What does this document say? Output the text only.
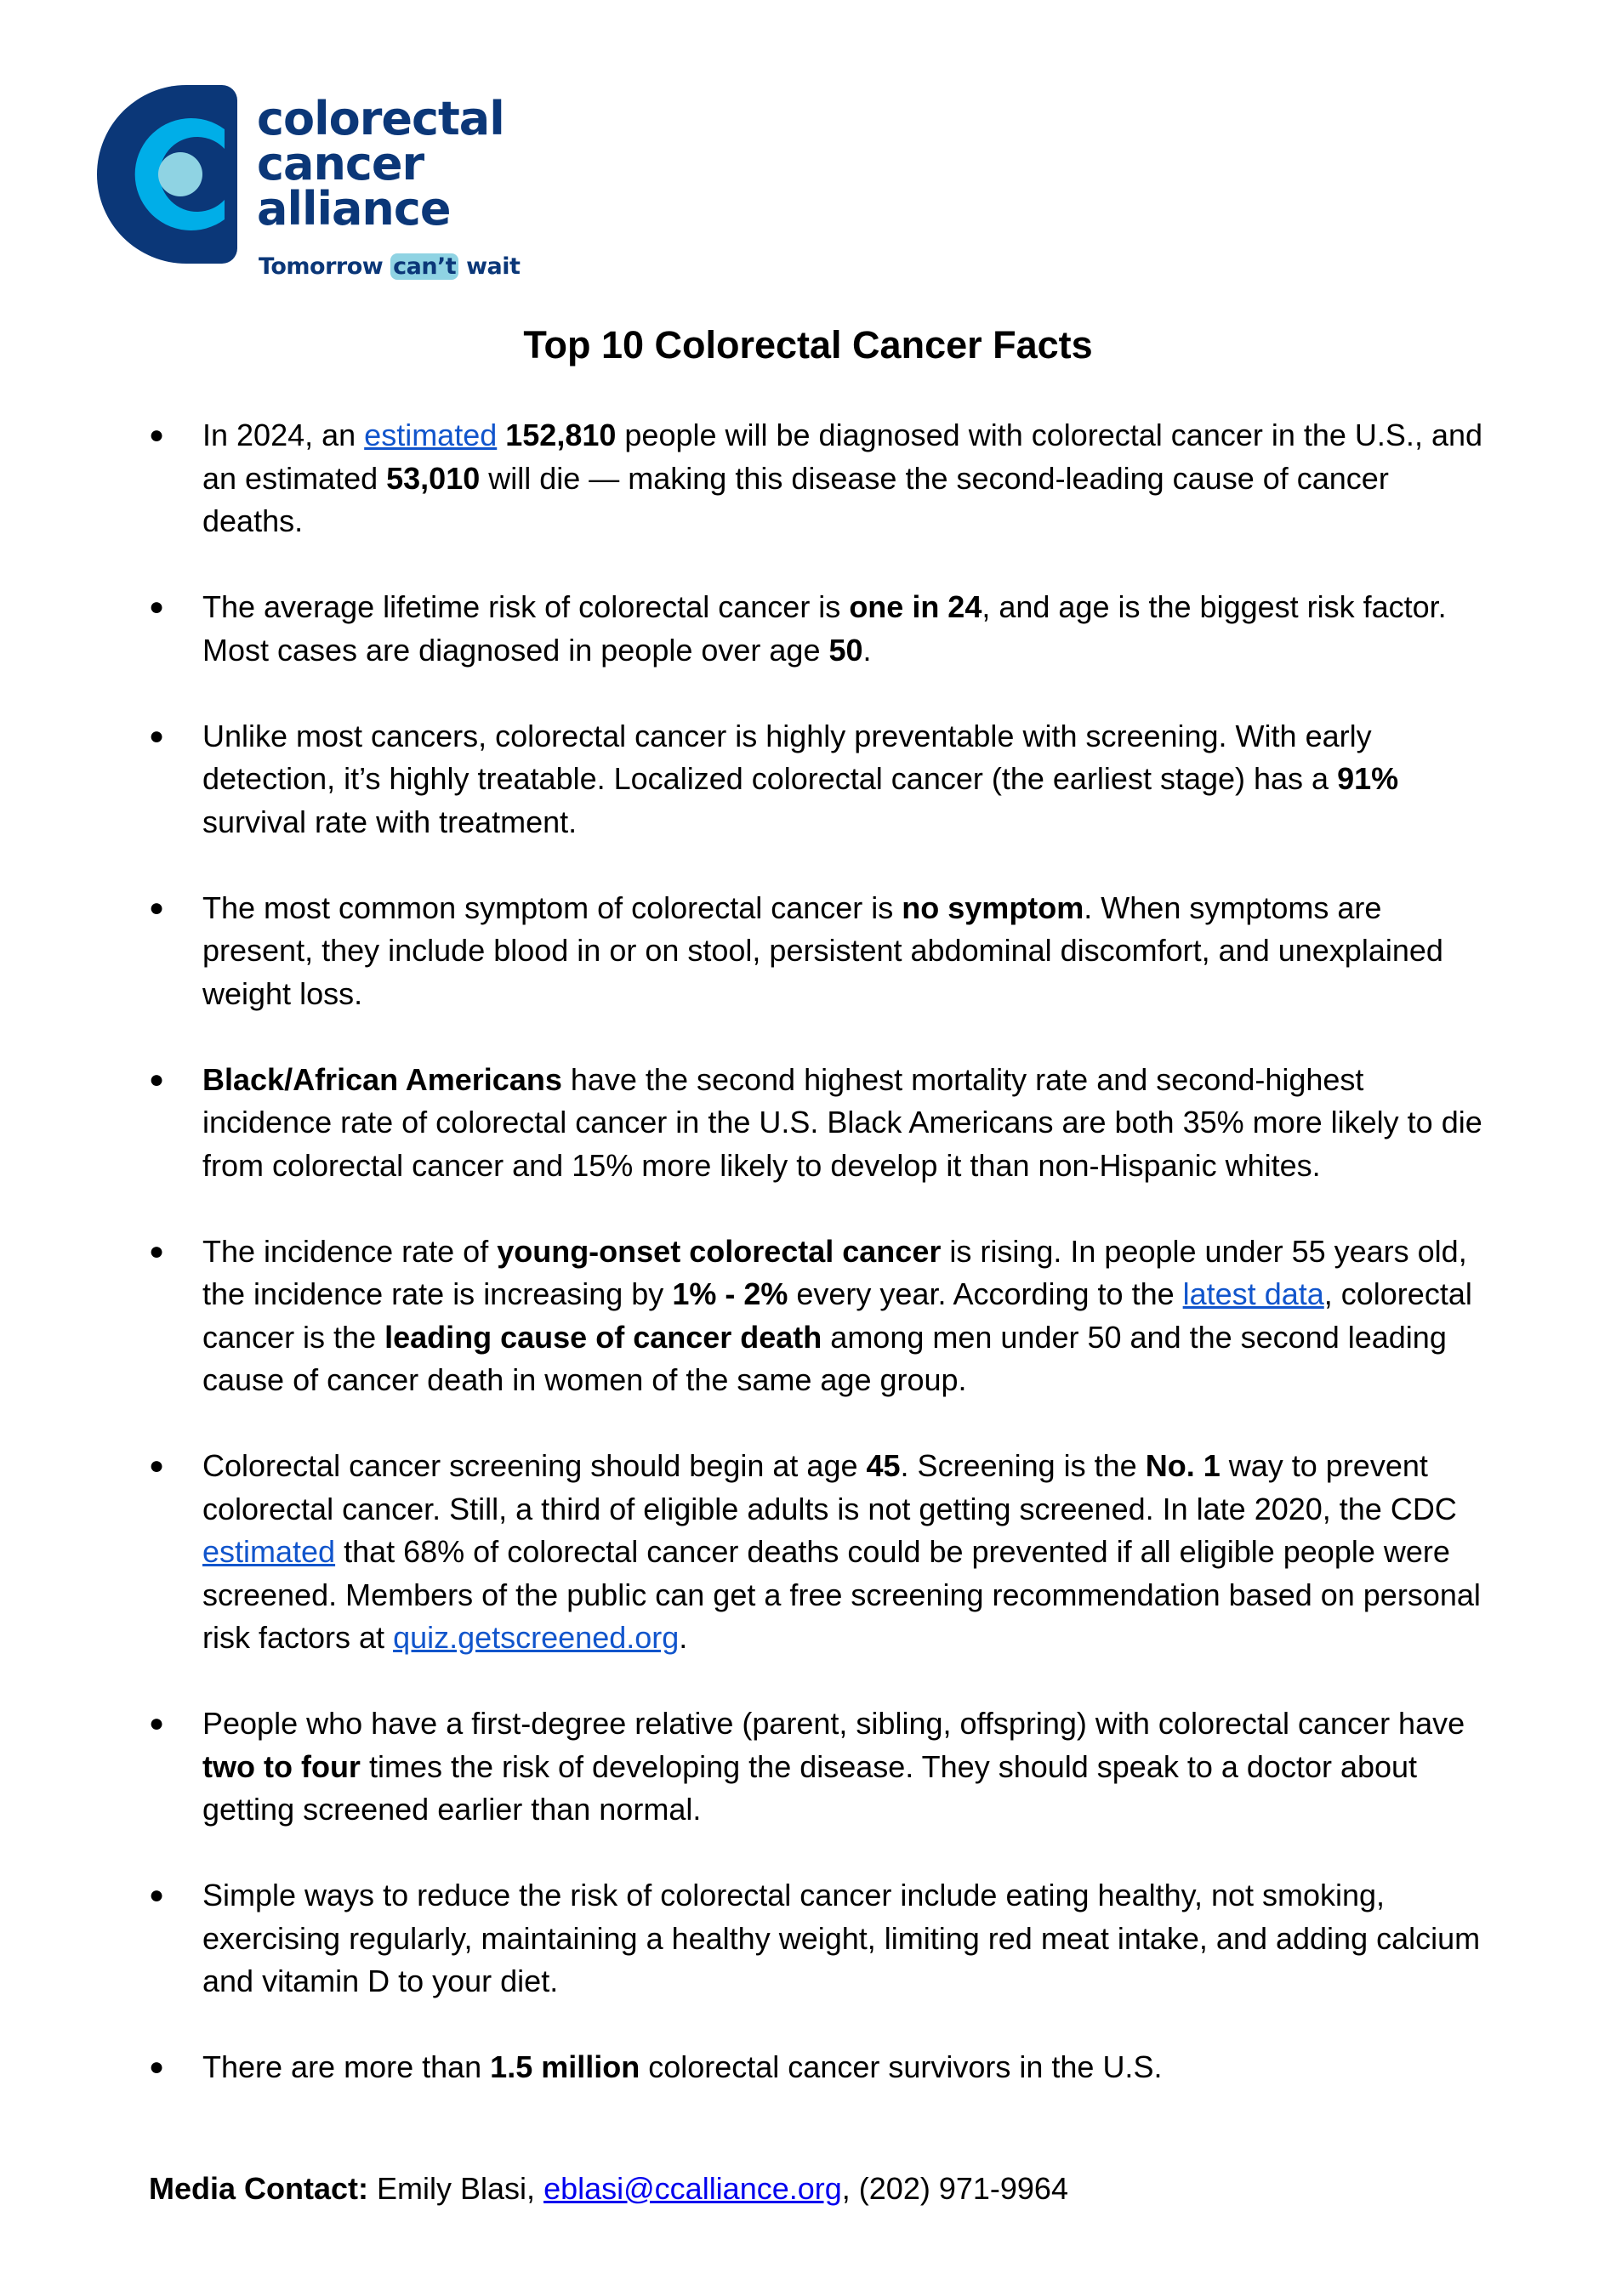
colorectal
cancer
alliance
Tomorrow can’t wait
Top 10 Colorectal Cancer Facts
● In 2024, an estimated 152,810 people will be diagnosed with colorectal cancer in the U.S., and an estimated 53,010 will die — making this disease the second-leading cause of cancer deaths.
● The average lifetime risk of colorectal cancer is one in 24, and age is the biggest risk factor. Most cases are diagnosed in people over age 50.
● Unlike most cancers, colorectal cancer is highly preventable with screening. With early detection, it’s highly treatable. Localized colorectal cancer (the earliest stage) has a 91% survival rate with treatment.
● The most common symptom of colorectal cancer is no symptom. When symptoms are present, they include blood in or on stool, persistent abdominal discomfort, and unexplained weight loss.
● Black/African Americans have the second highest mortality rate and second-highest incidence rate of colorectal cancer in the U.S. Black Americans are both 35% more likely to die from colorectal cancer and 15% more likely to develop it than non-Hispanic whites.
● The incidence rate of young-onset colorectal cancer is rising. In people under 55 years old, the incidence rate is increasing by 1% - 2% every year. According to the latest data, colorectal cancer is the leading cause of cancer death among men under 50 and the second leading cause of cancer death in women of the same age group.
● Colorectal cancer screening should begin at age 45. Screening is the No. 1 way to prevent colorectal cancer. Still, a third of eligible adults is not getting screened. In late 2020, the CDC estimated that 68% of colorectal cancer deaths could be prevented if all eligible people were screened. Members of the public can get a free screening recommendation based on personal risk factors at quiz.getscreened.org.
● People who have a first-degree relative (parent, sibling, offspring) with colorectal cancer have two to four times the risk of developing the disease. They should speak to a doctor about getting screened earlier than normal.
● Simple ways to reduce the risk of colorectal cancer include eating healthy, not smoking, exercising regularly, maintaining a healthy weight, limiting red meat intake, and adding calcium and vitamin D to your diet.
● There are more than 1.5 million colorectal cancer survivors in the U.S.
Media Contact: Emily Blasi, eblasi@ccalliance.org, (202) 971-9964
